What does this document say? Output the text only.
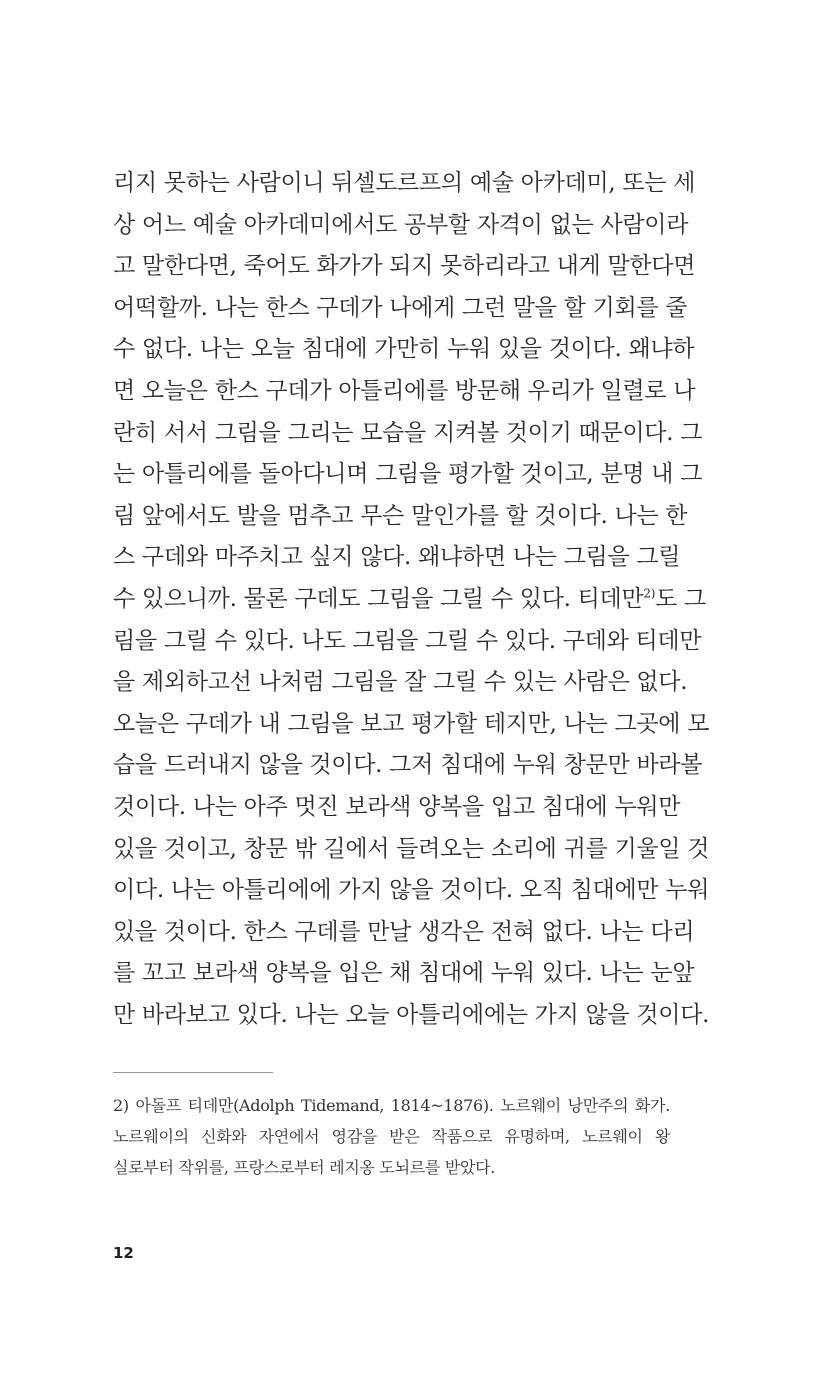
리지 못하는 사람이니 뒤셀도르프의 예술 아카데미, 또는 세
상 어느 예술 아카데미에서도 공부할 자격이 없는 사람이라
고 말한다면, 죽어도 화가가 되지 못하리라고 내게 말한다면
어떡할까. 나는 한스 구데가 나에게 그런 말을 할 기회를 줄
수 없다. 나는 오늘 침대에 가만히 누워 있을 것이다. 왜냐하
면 오늘은 한스 구데가 아틀리에를 방문해 우리가 일렬로 나
란히 서서 그림을 그리는 모습을 지켜볼 것이기 때문이다. 그
는 아틀리에를 돌아다니며 그림을 평가할 것이고, 분명 내 그
림 앞에서도 발을 멈추고 무슨 말인가를 할 것이다. 나는 한
스 구데와 마주치고 싶지 않다. 왜냐하면 나는 그림을 그릴
수 있으니까. 물론 구데도 그림을 그릴 수 있다. 티데만$^{2)}$도 그
림을 그릴 수 있다. 나도 그림을 그릴 수 있다. 구데와 티데만
을 제외하고선 나처럼 그림을 잘 그릴 수 있는 사람은 없다.
오늘은 구데가 내 그림을 보고 평가할 테지만, 나는 그곳에 모
습을 드러내지 않을 것이다. 그저 침대에 누워 창문만 바라볼
것이다. 나는 아주 멋진 보라색 양복을 입고 침대에 누워만
있을 것이고, 창문 밖 길에서 들려오는 소리에 귀를 기울일 것
이다. 나는 아틀리에에 가지 않을 것이다. 오직 침대에만 누워
있을 것이다. 한스 구데를 만날 생각은 전혀 없다. 나는 다리
를 꼬고 보라색 양복을 입은 채 침대에 누워 있다. 나는 눈앞
만 바라보고 있다. 나는 오늘 아틀리에에는 가지 않을 것이다.
2) 아돌프 티데만(Adolph Tidemand, 1814~1876). 노르웨이 낭만주의 화가.
노르웨이의 신화와 자연에서 영감을 받은 작품으로 유명하며, 노르웨이 왕
실로부터 작위를, 프랑스로부터 레지옹 도뇌르를 받았다.
12
